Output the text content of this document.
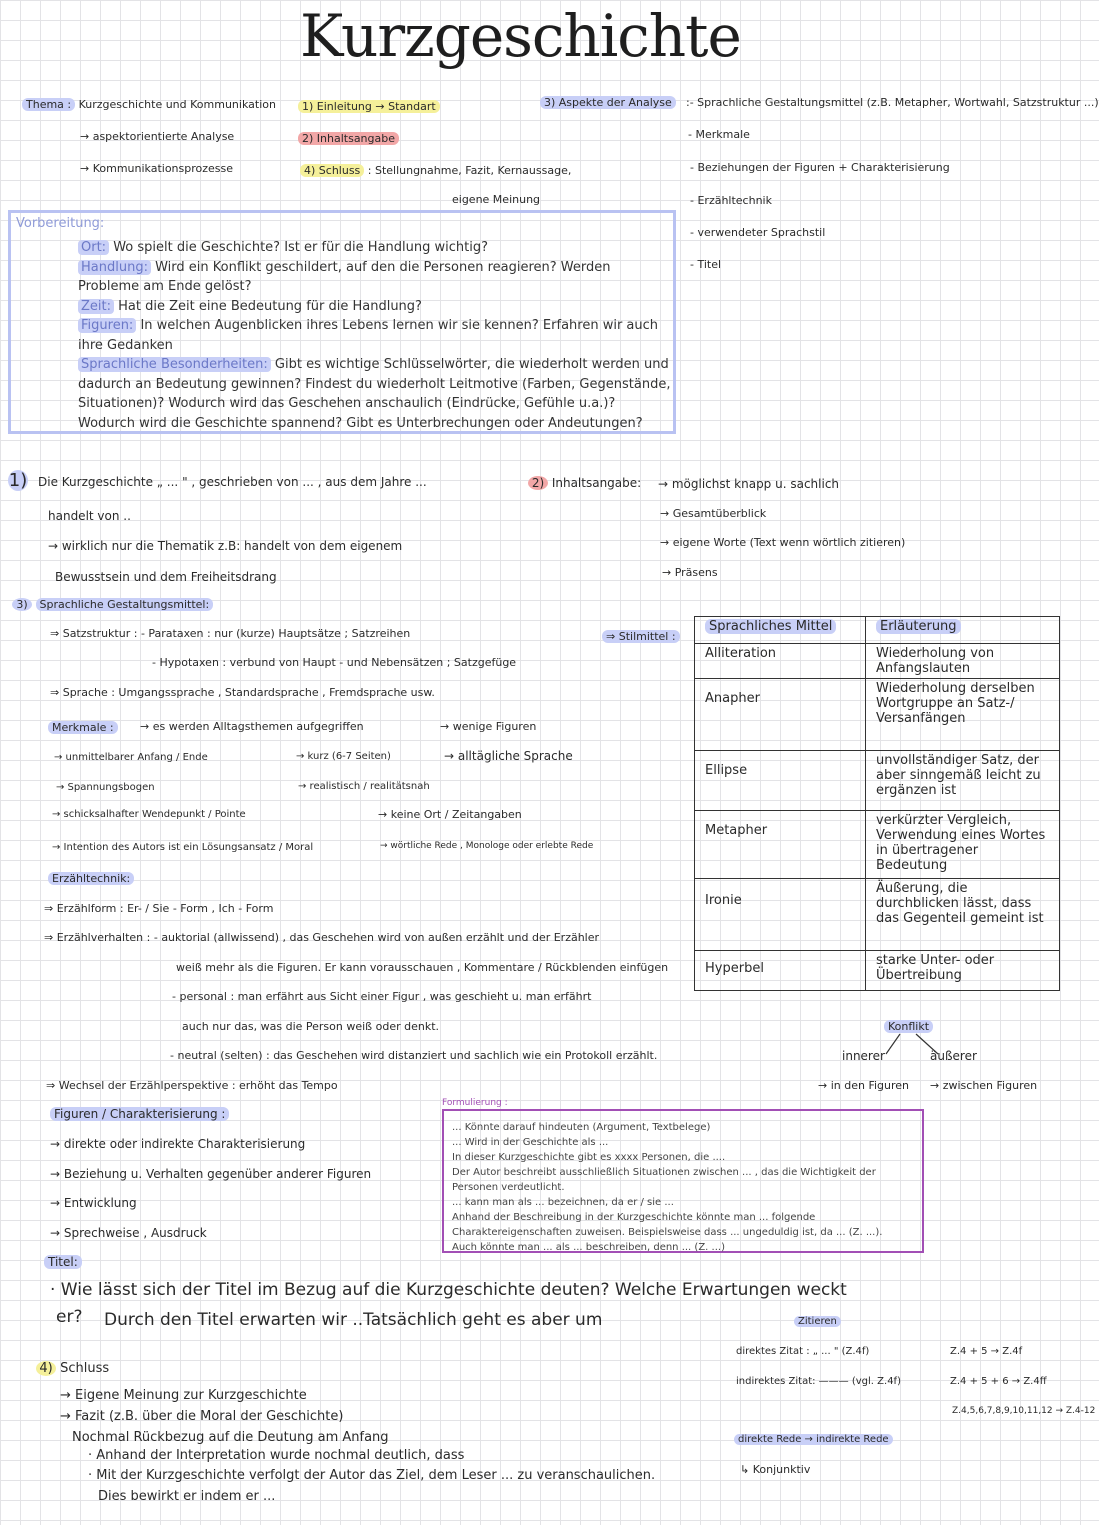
Kurzgeschichte
Thema : Kurzgeschichte und Kommunikation
→ aspektorientierte Analyse
→ Kommunikationsprozesse
1) Einleitung → Standart
2) Inhaltsangabe
4) Schluss : Stellungnahme, Fazit, Kernaussage,
eigene Meinung
3) Aspekte der Analyse	:- Sprachliche Gestaltungsmittel (z.B. Metapher, Wortwahl, Satzstruktur ...)
- Merkmale
- Beziehungen der Figuren + Charakterisierung
- Erzähltechnik
- verwendeter Sprachstil
- Titel
Vorbereitung:
Ort: Wo spielt die Geschichte? Ist er für die Handlung wichtig?
Handlung: Wird ein Konflikt geschildert, auf den die Personen reagieren? Werden Probleme am Ende gelöst?
Zeit: Hat die Zeit eine Bedeutung für die Handlung?
Figuren: In welchen Augenblicken ihres Lebens lernen wir sie kennen? Erfahren wir auch ihre Gedanken
Sprachliche Besonderheiten: Gibt es wichtige Schlüsselwörter, die wiederholt werden und dadurch an Bedeutung gewinnen? Findest du wiederholt Leitmotive (Farben, Gegenstände, Situationen)? Wodurch wird das Geschehen anschaulich (Eindrücke, Gefühle u.a.)? Wodurch wird die Geschichte spannend? Gibt es Unterbrechungen oder Andeutungen?
1) Die Kurzgeschichte „ ... " , geschrieben von ... , aus dem Jahre ...
handelt von ..
→ wirklich nur die Thematik z.B: handelt von dem eigenem
Bewusstsein und dem Freiheitsdrang
2) Inhaltsangabe: → möglichst knapp u. sachlich
→ Gesamtüberblick
→ eigene Worte (Text wenn wörtlich zitieren)
→ Präsens
3) Sprachliche Gestaltungsmittel:
⇒ Satzstruktur : - Parataxen : nur (kurze) Hauptsätze ; Satzreihen
- Hypotaxen : verbund von Haupt - und Nebensätzen ; Satzgefüge
⇒ Sprache : Umgangssprache , Standardsprache , Fremdsprache usw.
Merkmale :	→ es werden Alltagsthemen aufgegriffen	→ wenige Figuren
→ unmittelbarer Anfang / Ende	→ kurz (6-7 Seiten)	→ alltägliche Sprache
→ Spannungsbogen	→ realistisch / realitätsnah
→ schicksalhafter Wendepunkt / Pointe	→ keine Ort / Zeitangaben
→ Intention des Autors ist ein Lösungsansatz / Moral	→ wörtliche Rede , Monologe oder erlebte Rede
⇒ Stilmittel :
Sprachliches Mittel	Erläuterung
Alliteration	Wiederholung von Anfangslauten
Anapher	Wiederholung derselben Wortgruppe an Satz-/ Versanfängen
Ellipse	unvollständiger Satz, der aber sinngemäß leicht zu ergänzen ist
Metapher	verkürzter Vergleich, Verwendung eines Wortes in übertragener Bedeutung
Ironie	Äußerung, die durchblicken lässt, dass das Gegenteil gemeint ist
Hyperbel	starke Unter- oder Übertreibung
Erzähltechnik:
⇒ Erzählform : Er- / Sie - Form , Ich - Form
⇒ Erzählverhalten : - auktorial (allwissend) , das Geschehen wird von außen erzählt und der Erzähler
weiß mehr als die Figuren. Er kann vorausschauen , Kommentare / Rückblenden einfügen
- personal : man erfährt aus Sicht einer Figur , was geschieht u. man erfährt
auch nur das, was die Person weiß oder denkt.
- neutral (selten) : das Geschehen wird distanziert und sachlich wie ein Protokoll erzählt.
⇒ Wechsel der Erzählperspektive : erhöht das Tempo
Konflikt
innerer	äußerer
→ in den Figuren → zwischen Figuren
Figuren / Charakterisierung :
→ direkte oder indirekte Charakterisierung
→ Beziehung u. Verhalten gegenüber anderer Figuren
→ Entwicklung
→ Sprechweise , Ausdruck
Formulierung :
... Könnte darauf hindeuten (Argument, Textbelege)
... Wird in der Geschichte als ...
In dieser Kurzgeschichte gibt es xxxx Personen, die ....
Der Autor beschreibt ausschließlich Situationen zwischen ... , das die Wichtigkeit der Personen verdeutlicht.
... kann man als ... bezeichnen, da er / sie ...
Anhand der Beschreibung in der Kurzgeschichte könnte man ... folgende Charaktereigenschaften zuweisen. Beispielsweise dass ... ungeduldig ist, da ... (Z. ...).
Auch könnte man ... als ... beschreiben, denn ... (Z. ...)
Titel:
· Wie lässt sich der Titel im Bezug auf die Kurzgeschichte deuten? Welche Erwartungen weckt
er? Durch den Titel erwarten wir ..Tatsächlich geht es aber um	Zitieren
direktes Zitat : „ ... " (Z.4f)
indirektes Zitat: ——— (vgl. Z.4f)
Z.4 + 5 → Z.4f
Z.4 + 5 + 6 → Z.4ff
Z.4,5,6,7,8,9,10,11,12 → Z.4-12
direkte Rede → indirekte Rede
↳ Konjunktiv
4) Schluss
→ Eigene Meinung zur Kurzgeschichte
→ Fazit (z.B. über die Moral der Geschichte)
Nochmal Rückbezug auf die Deutung am Anfang
· Anhand der Interpretation wurde nochmal deutlich, dass
· Mit der Kurzgeschichte verfolgt der Autor das Ziel, dem Leser ... zu veranschaulichen.
Dies bewirkt er indem er ...
